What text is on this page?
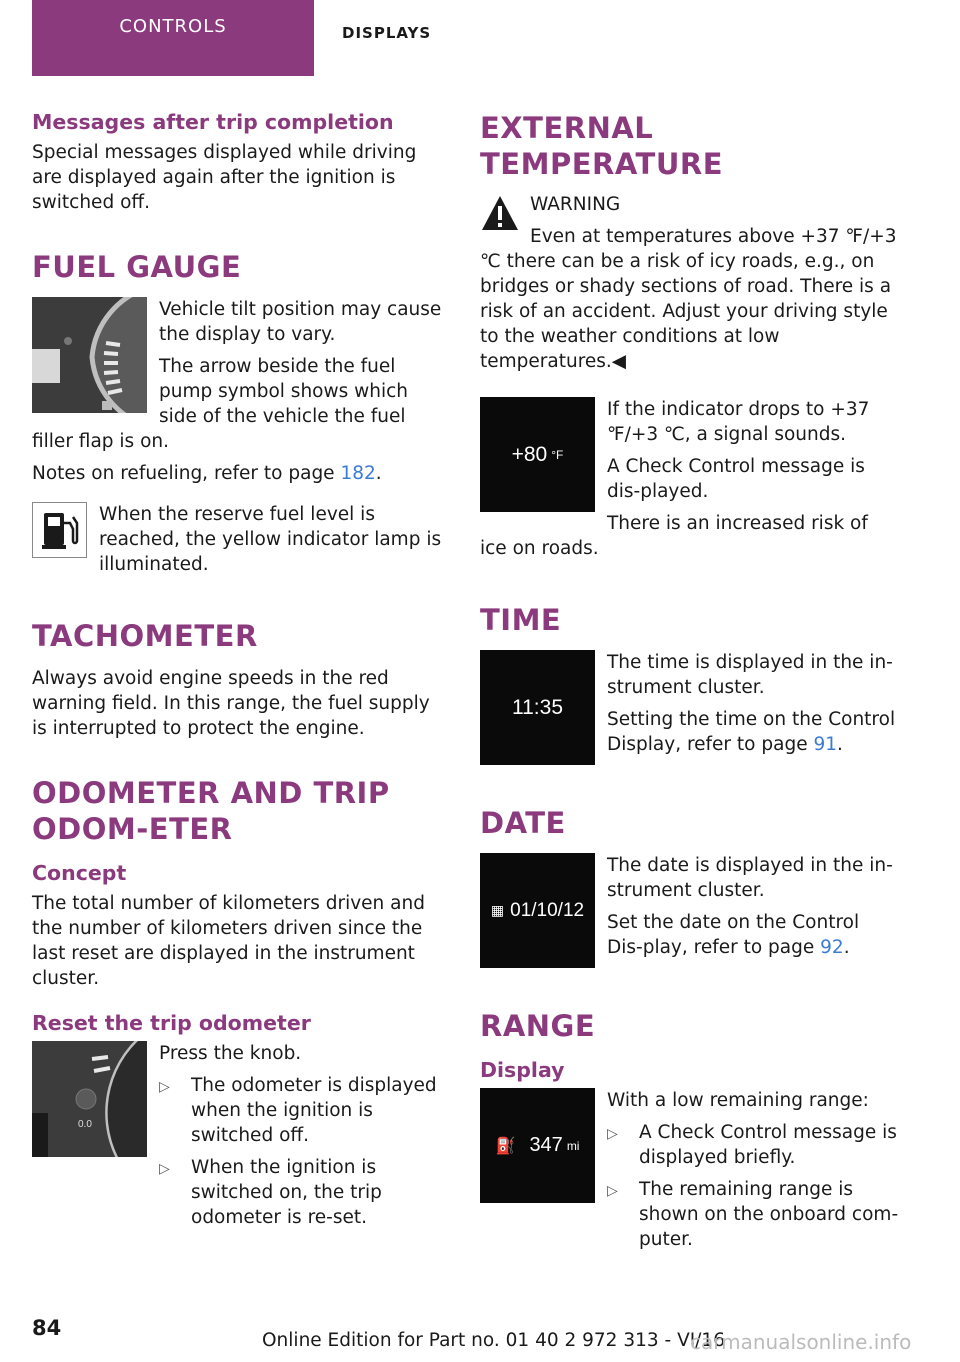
CONTROLS	DISPLAYS
Messages after trip completion

Special messages displayed while driving are displayed again after the ignition is switched off.

FUEL GAUGE

Vehicle tilt position may cause the display to vary.

The arrow beside the fuel pump symbol shows which side of the vehicle the fuel filler flap is on.

Notes on refueling, refer to page 182.

When the reserve fuel level is reached, the yellow indicator lamp is illuminated.

TACHOMETER

Always avoid engine speeds in the red warning field. In this range, the fuel supply is interrupted to protect the engine.

ODOMETER AND TRIP ODOM‐ETER
Concept

The total number of kilometers driven and the number of kilometers driven since the last reset are displayed in the instrument cluster.

Reset the trip odometer
0.0

Press the knob.

▷	The odometer is displayed when the ignition is switched off.
▷	When the ignition is switched on, the trip odometer is re‐set.
EXTERNAL TEMPERATURE

WARNING

Even at temperatures above +37 ℉/+3 ℃ there can be a risk of icy roads, e.g., on bridges or shady sections of road. There is a risk of an accident. Adjust your driving style to the weather conditions at low temperatures.◀

+80 °F

If the indicator drops to +37 ℉/+3 ℃, a signal sounds.

A Check Control message is dis‐played.

There is an increased risk of ice on roads.

TIME
11:35

The time is displayed in the in‐strument cluster.

Setting the time on the Control Display, refer to page 91.

DATE
▦ 01/10/12

The date is displayed in the in‐strument cluster.

Set the date on the Control Dis‐play, refer to page 92.

RANGE
Display
⛽ 347 mi

With a low remaining range:

▷	A Check Control message is displayed briefly.
▷	The remaining range is shown on the onboard com‐puter.
84
Online Edition for Part no. 01 40 2 972 313 - VI/16
carmanualsonline.info
